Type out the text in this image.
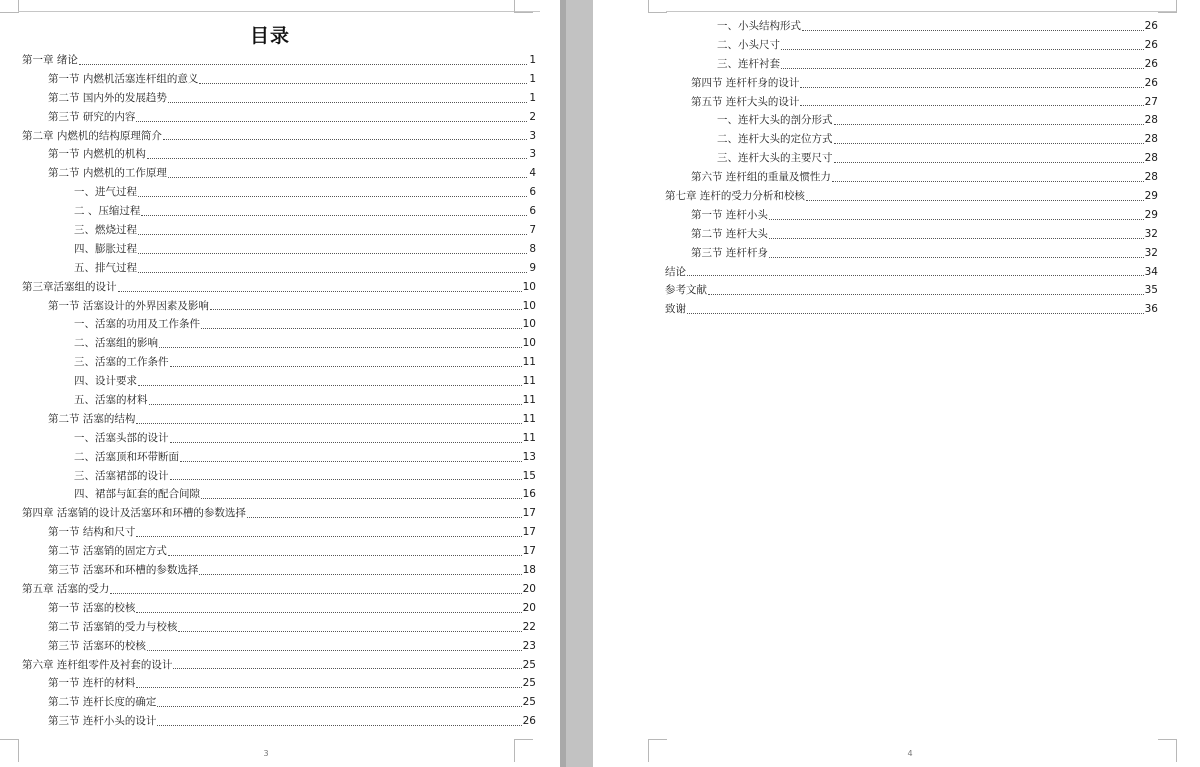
目录
第一章 绪论	1
第一节 内燃机活塞连杆组的意义	1
第二节 国内外的发展趋势	1
第三节 研究的内容	2
第二章 内燃机的结构原理简介	3
第一节 内燃机的机构	3
第二节 内燃机的工作原理	4
一、进气过程	6
二 、压缩过程	6
三、燃烧过程	7
四、膨胀过程	8
五、排气过程	9
第三章活塞组的设计	10
第一节 活塞设计的外界因素及影响	10
一、活塞的功用及工作条件	10
二、活塞组的影响	10
三、活塞的工作条件	11
四、设计要求	11
五、活塞的材料	11
第二节 活塞的结构	11
一、活塞头部的设计	11
二、活塞顶和环带断面	13
三、活塞裙部的设计	15
四、裙部与缸套的配合间隙	16
第四章 活塞销的设计及活塞环和环槽的参数选择	17
第一节 结构和尺寸	17
第二节 活塞销的固定方式	17
第三节 活塞环和环槽的参数选择	18
第五章 活塞的受力	20
第一节 活塞的校核	20
第二节 活塞销的受力与校核	22
第三节 活塞环的校核	23
第六章 连杆组零件及衬套的设计	25
第一节 连杆的材料	25
第二节 连杆长度的确定	25
第三节 连杆小头的设计	26
3
一、小头结构形式	26
二、小头尺寸	26
三、连杆衬套	26
第四节 连杆杆身的设计	26
第五节 连杆大头的设计	27
一、连杆大头的剖分形式	28
二、连杆大头的定位方式	28
三、连杆大头的主要尺寸	28
第六节 连杆组的重量及惯性力	28
第七章 连杆的受力分析和校核	29
第一节 连杆小头	29
第二节 连杆大头	32
第三节 连杆杆身	32
结论	34
参考文献	35
致谢	36
4
